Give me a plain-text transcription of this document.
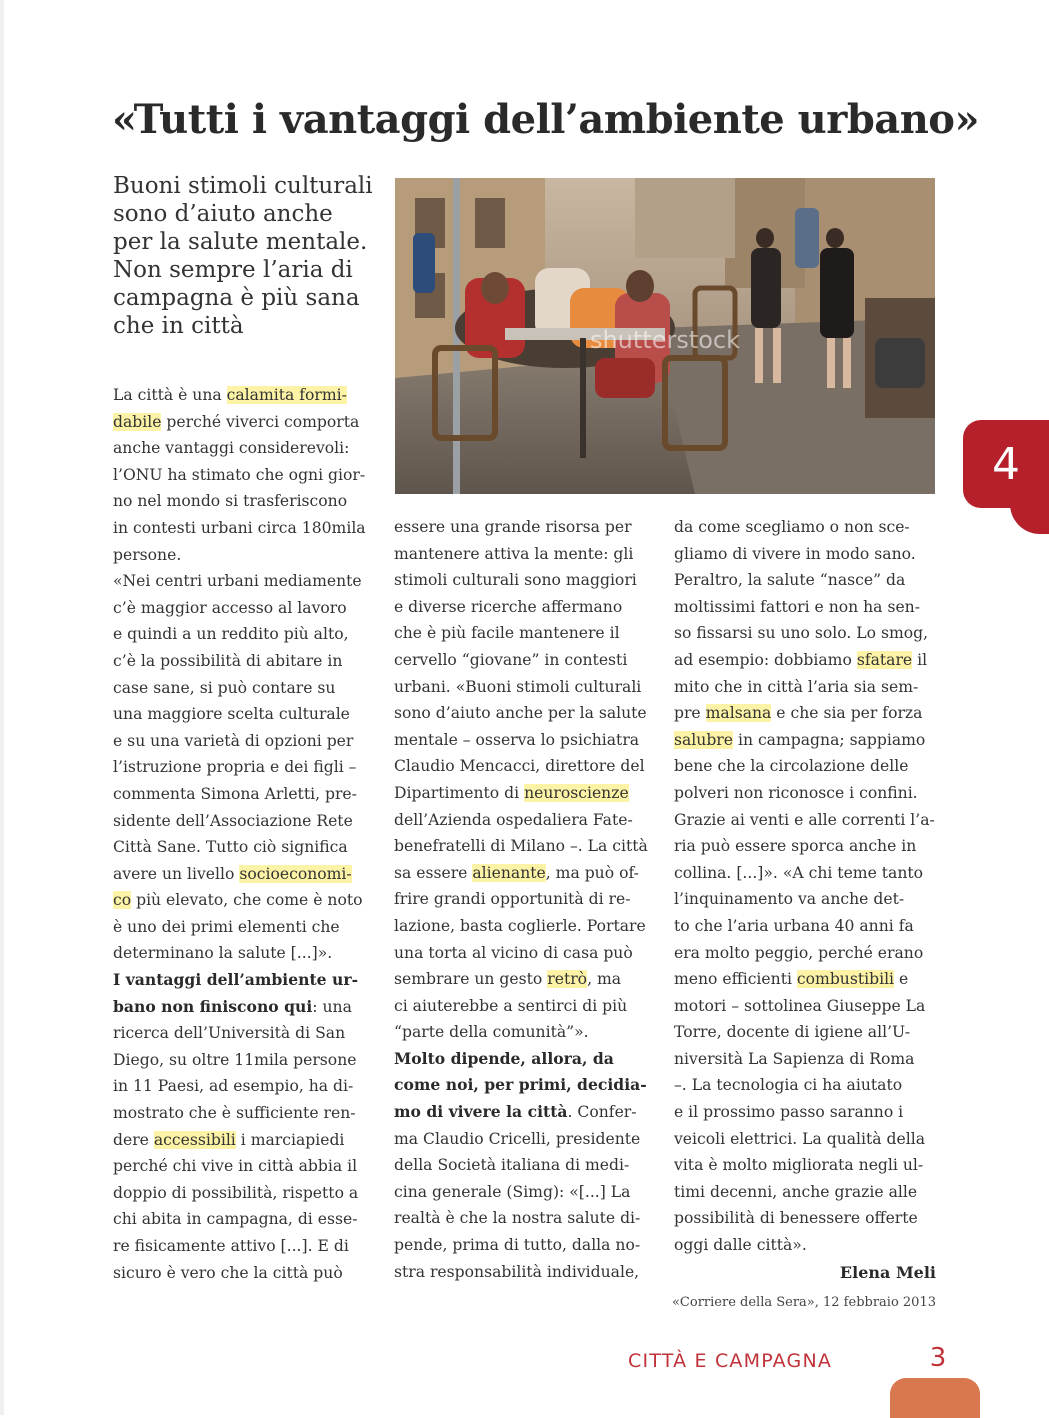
«Tutti i vantaggi dell’ambiente urbano»
Buoni stimoli culturali
sono d’aiuto anche
per la salute mentale.
Non sempre l’aria di
campagna è più sana
che in città	shutterstock
La città è una calamita formi-
dabile perché viverci comporta
anche vantaggi considerevoli:
l’ONU ha stimato che ogni gior-
no nel mondo si trasferiscono
in contesti urbani circa 180mila
persone.
«Nei centri urbani mediamente
c’è maggior accesso al lavoro
e quindi a un reddito più alto,
c’è la possibilità di abitare in
case sane, si può contare su
una maggiore scelta culturale
e su una varietà di opzioni per
l’istruzione propria e dei figli –
commenta Simona Arletti, pre-
sidente dell’Associazione Rete
Città Sane. Tutto ciò significa
avere un livello socioeconomi-
co più elevato, che come è noto
è uno dei primi elementi che
determinano la salute [...]».
I vantaggi dell’ambiente ur-
bano non finiscono qui: una
ricerca dell’Università di San
Diego, su oltre 11mila persone
in 11 Paesi, ad esempio, ha di-
mostrato che è sufficiente ren-
dere accessibili i marciapiedi
perché chi vive in città abbia il
doppio di possibilità, rispetto a
chi abita in campagna, di esse-
re fisicamente attivo [...]. E di
sicuro è vero che la città può
essere una grande risorsa per
mantenere attiva la mente: gli
stimoli culturali sono maggiori
e diverse ricerche affermano
che è più facile mantenere il
cervello “giovane” in contesti
urbani. «Buoni stimoli culturali
sono d’aiuto anche per la salute
mentale – osserva lo psichiatra
Claudio Mencacci, direttore del
Dipartimento di neuroscienze
dell’Azienda ospedaliera Fate-
benefratelli di Milano –. La città
sa essere alienante, ma può of-
frire grandi opportunità di re-
lazione, basta coglierle. Portare
una torta al vicino di casa può
sembrare un gesto retrò, ma
ci aiuterebbe a sentirci di più
“parte della comunità”».
Molto dipende, allora, da
come noi, per primi, decidia-
mo di vivere la città. Confer-
ma Claudio Cricelli, presidente
della Società italiana di medi-
cina generale (Simg): «[...] La
realtà è che la nostra salute di-
pende, prima di tutto, dalla no-
stra responsabilità individuale,
da come scegliamo o non sce-
gliamo di vivere in modo sano.
Peraltro, la salute “nasce” da
moltissimi fattori e non ha sen-
so fissarsi su uno solo. Lo smog,
ad esempio: dobbiamo sfatare il
mito che in città l’aria sia sem-
pre malsana e che sia per forza
salubre in campagna; sappiamo
bene che la circolazione delle
polveri non riconosce i confini.
Grazie ai venti e alle correnti l’a-
ria può essere sporca anche in
collina. [...]». «A chi teme tanto
l’inquinamento va anche det-
to che l’aria urbana 40 anni fa
era molto peggio, perché erano
meno efficienti combustibili e
motori – sottolinea Giuseppe La
Torre, docente di igiene all’U-
niversità La Sapienza di Roma
–. La tecnologia ci ha aiutato
e il prossimo passo saranno i
veicoli elettrici. La qualità della
vita è molto migliorata negli ul-
timi decenni, anche grazie alle
possibilità di benessere offerte
oggi dalle città».
Elena Meli
«Corriere della Sera», 12 febbraio 2013
4
CITTÀ E CAMPAGNA	3
